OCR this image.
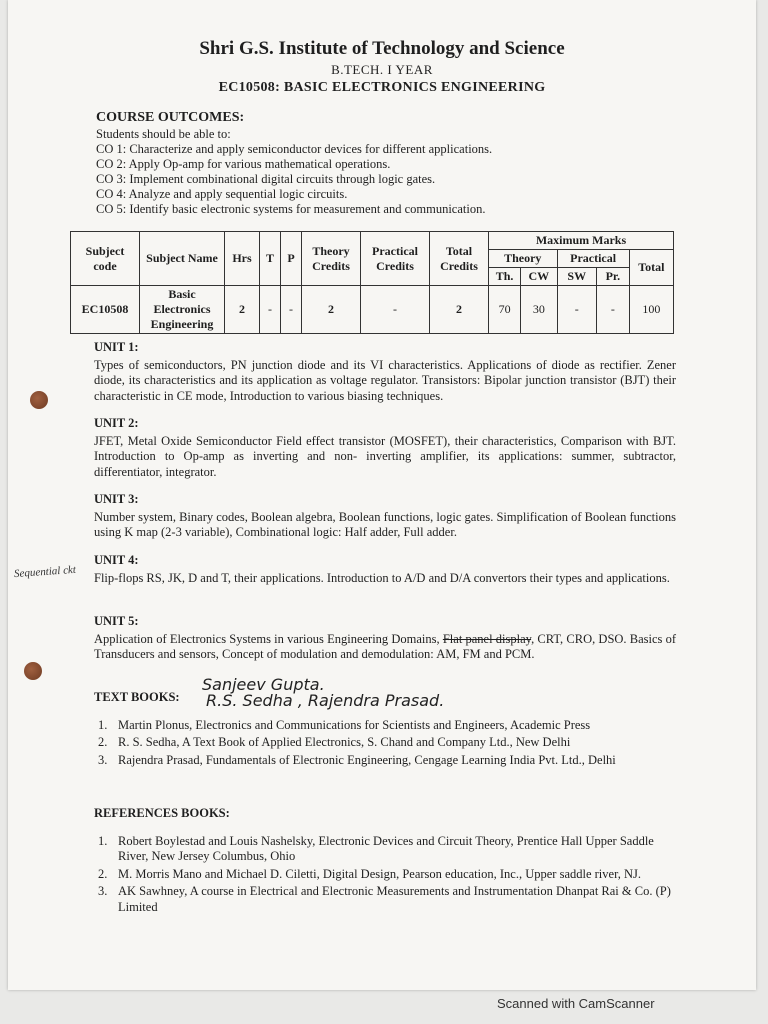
Shri G.S. Institute of Technology and Science

B.TECH. I YEAR

EC10508: BASIC ELECTRONICS ENGINEERING

COURSE OUTCOMES:

Students should be able to:

CO 1: Characterize and apply semiconductor devices for different applications.

CO 2: Apply Op-amp for various mathematical operations.

CO 3: Implement combinational digital circuits through logic gates.

CO 4: Analyze and apply sequential logic circuits.

CO 5: Identify basic electronic systems for measurement and communication.

Subject code	Subject Name	Hrs	T	P	Theory Credits	Practical Credits	Total Credits	Maximum Marks				
								Theory		Practical		Total
								Th.	CW	SW	Pr.	
EC10508	Basic Electronics Engineering	2	-	-	2	-	2	70	30	-	-	100

UNIT 1:

Types of semiconductors, PN junction diode and its VI characteristics. Applications of diode as rectifier. Zener diode, its characteristics and its application as voltage regulator. Transistors: Bipolar junction transistor (BJT) their characteristic in CE mode, Introduction to various biasing techniques.

UNIT 2:

JFET, Metal Oxide Semiconductor Field effect transistor (MOSFET), their characteristics, Comparison with BJT. Introduction to Op-amp as inverting and non- inverting amplifier, its applications: summer, subtractor, differentiator, integrator.

UNIT 3:

Number system, Binary codes, Boolean algebra, Boolean functions, logic gates. Simplification of Boolean functions using K map (2-3 variable), Combinational logic: Half adder, Full adder.

Sequential ckt

UNIT 4:

Flip-flops RS, JK, D and T, their applications. Introduction to A/D and D/A convertors their types and applications.

UNIT 5:

Application of Electronics Systems in various Engineering Domains, Flat panel display, CRT, CRO, DSO. Basics of Transducers and sensors, Concept of modulation and demodulation: AM, FM and PCM.

TEXT BOOKS:

Sanjeev Gupta.
R.S. Sedha , Rajendra Prasad.
1. Martin Plonus, Electronics and Communications for Scientists and Engineers, Academic Press
2. R. S. Sedha, A Text Book of Applied Electronics, S. Chand and Company Ltd., New Delhi
3. Rajendra Prasad, Fundamentals of Electronic Engineering, Cengage Learning India Pvt. Ltd., Delhi

REFERENCES BOOKS:

1. Robert Boylestad and Louis Nashelsky, Electronic Devices and Circuit Theory, Prentice Hall Upper Saddle River, New Jersey Columbus, Ohio
2. M. Morris Mano and Michael D. Ciletti, Digital Design, Pearson education, Inc., Upper saddle river, NJ.
3. AK Sawhney, A course in Electrical and Electronic Measurements and Instrumentation Dhanpat Rai & Co. (P) Limited
Scanned with CamScanner
